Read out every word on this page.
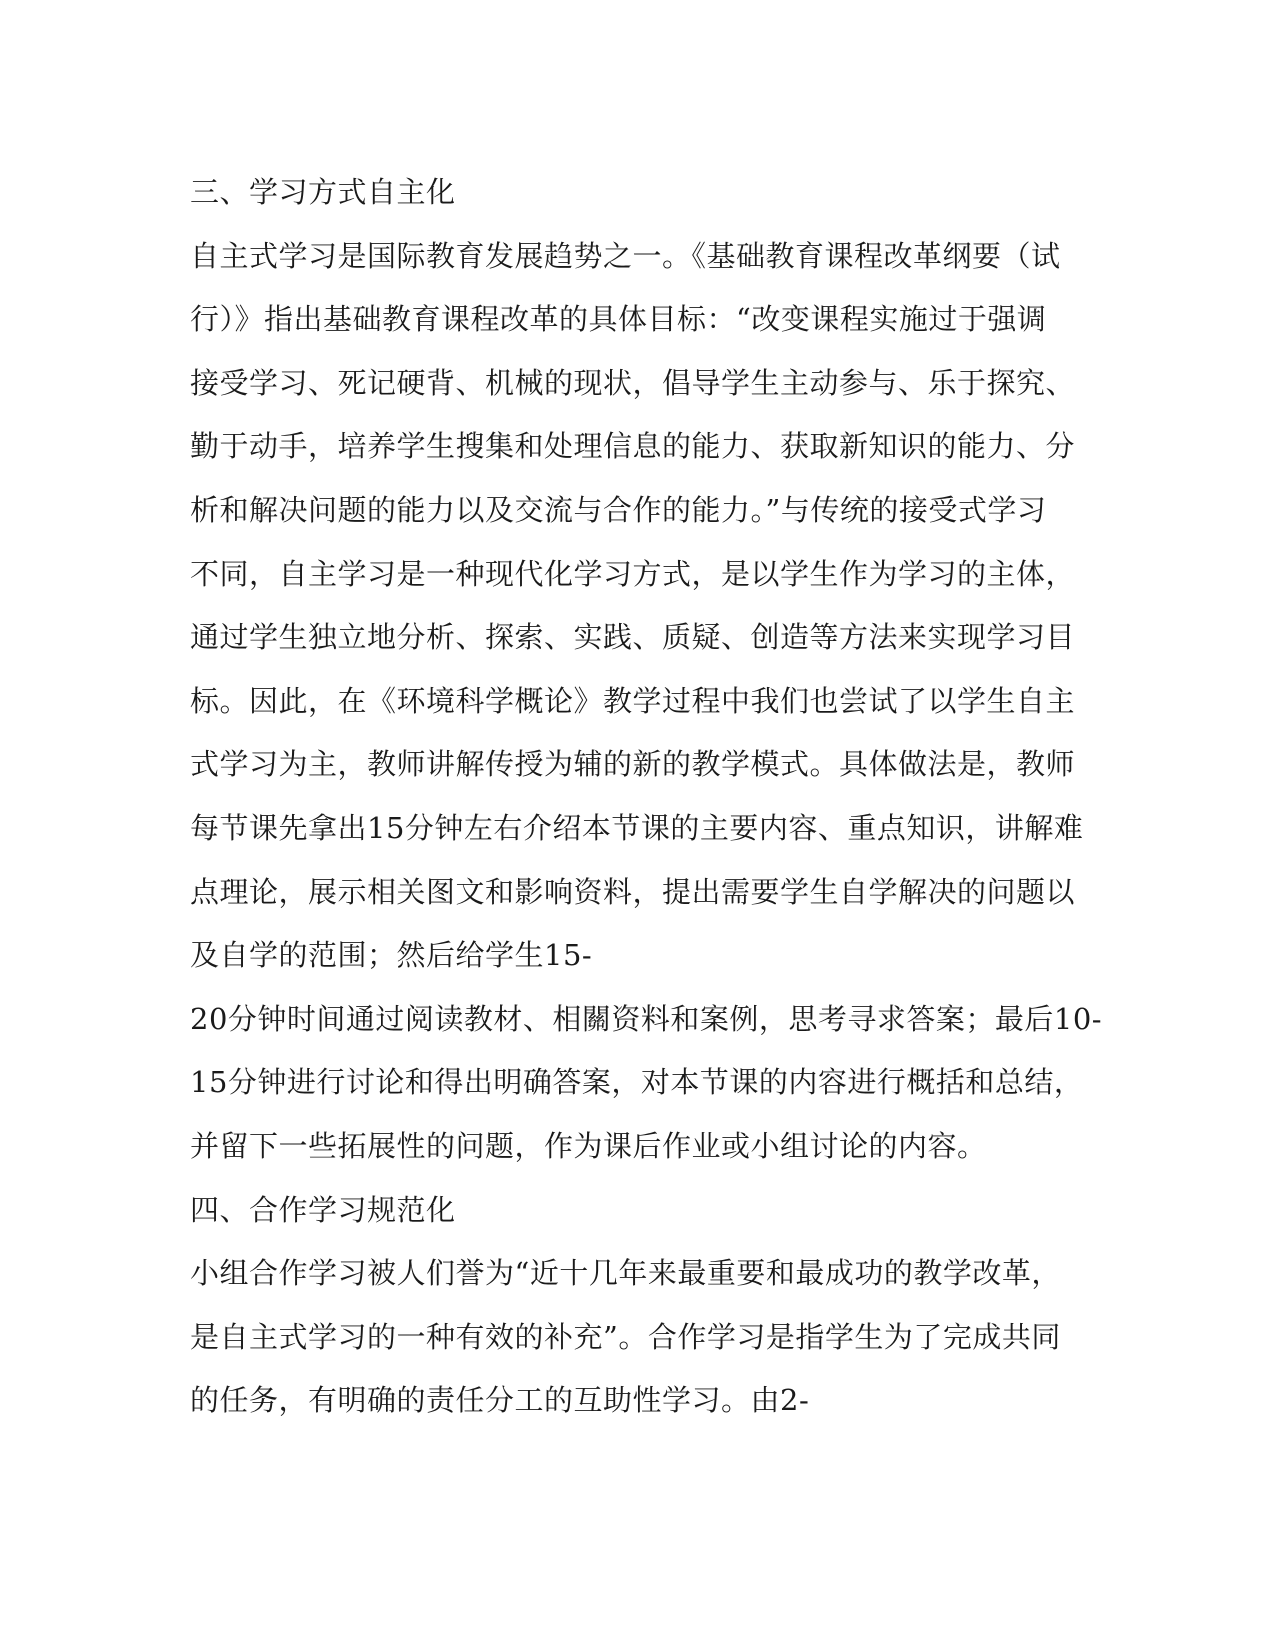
三、学习方式自主化
自主式学习是国际教育发展趋势之一。《基础教育课程改革纲要（试
行）》指出基础教育课程改革的具体目标：“改变课程实施过于强调
接受学习、死记硬背、机械的现状，倡导学生主动参与、乐于探究、
勤于动手，培养学生搜集和处理信息的能力、获取新知识的能力、分
析和解决问题的能力以及交流与合作的能力。”与传统的接受式学习
不同，自主学习是一种现代化学习方式，是以学生作为学习的主体，
通过学生独立地分析、探索、实践、质疑、创造等方法来实现学习目
标。因此，在《环境科学概论》教学过程中我们也尝试了以学生自主
式学习为主，教师讲解传授为辅的新的教学模式。具体做法是，教师
每节课先拿出15分钟左右介绍本节课的主要内容、重点知识，讲解难
点理论，展示相关图文和影响资料，提出需要学生自学解决的问题以
及自学的范围；然后给学生15-
20分钟时间通过阅读教材、相關资料和案例，思考寻求答案；最后10-
15分钟进行讨论和得出明确答案，对本节课的内容进行概括和总结，
并留下一些拓展性的问题，作为课后作业或小组讨论的内容。
四、合作学习规范化
小组合作学习被人们誉为“近十几年来最重要和最成功的教学改革，
是自主式学习的一种有效的补充”。合作学习是指学生为了完成共同
的任务，有明确的责任分工的互助性学习。由2-
